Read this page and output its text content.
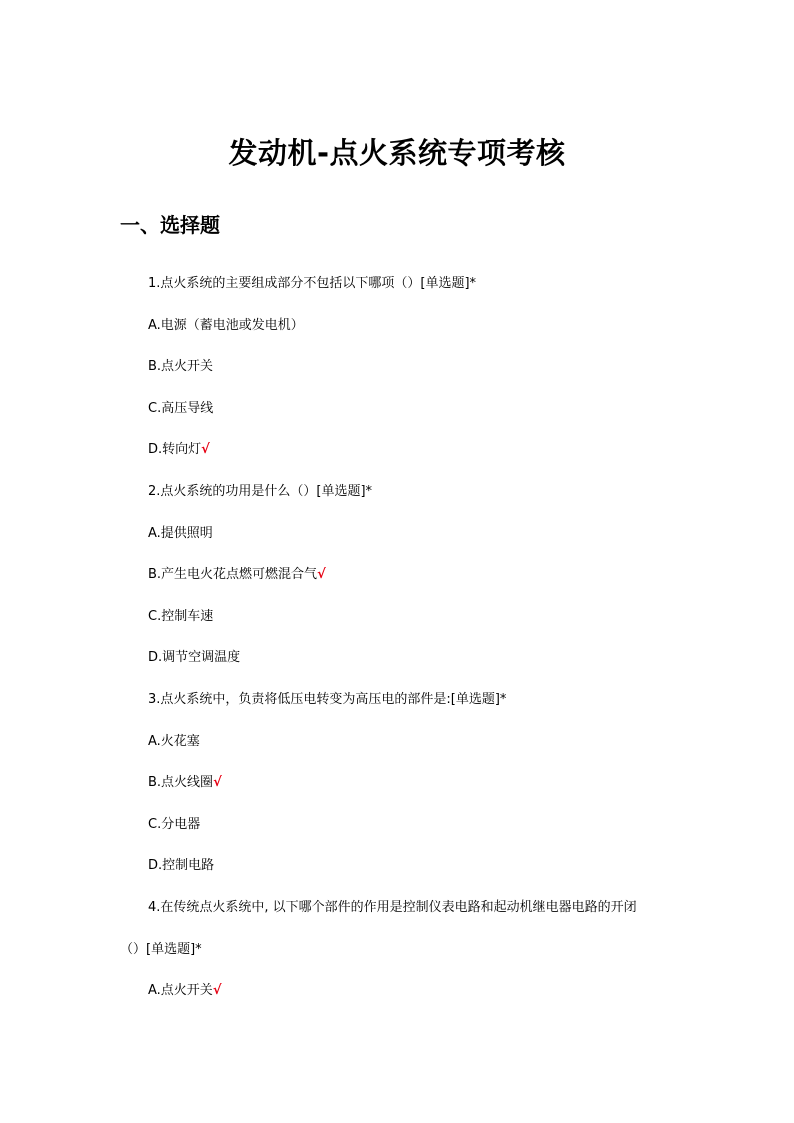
发动机-点火系统专项考核
一、选择题
1.点火系统的主要组成部分不包括以下哪项（）[单选题]*
A.电源（蓄电池或发电机）
B.点火开关
C.高压导线
D.转向灯√
2.点火系统的功用是什么（）[单选题]*
A.提供照明
B.产生电火花点燃可燃混合气√
C.控制车速
D.调节空调温度
3.点火系统中，负责将低压电转变为高压电的部件是:[单选题]*
A.火花塞
B.点火线圈√
C.分电器
D.控制电路
4.在传统点火系统中, 以下哪个部件的作用是控制仪表电路和起动机继电器电路的开闭
（）[单选题]*
A.点火开关√
